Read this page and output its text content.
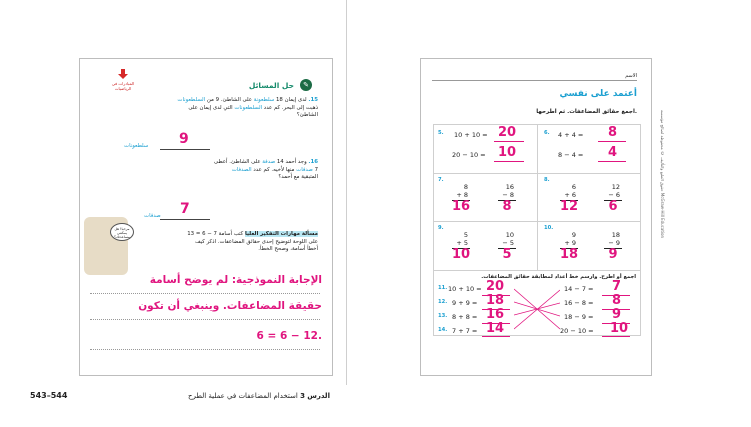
المبادرات في الرياضيات	✎
حل المسائل
15. لدى إيمان 18 سلطعونة على الشاطئ. 9 من السلطعونات
ذهبت إلى البحر. كم عدد السلطعونات التي لدى إيمان على
الشاطئ؟
9
سلطعونات
16. وجد أحمد 14 صدفة على الشاطئ. أعطى
7 صدفات منها لأخيه. كم عدد الصدفات
المتبقية مع أحمد؟
مرحبا! هل يمكنني مساعدتك؟
7
صدفات
مسألة مهارات التفكير العليا كتب أسامة 7 − 6 = 13
على اللوحة لتوضيح إحدى حقائق المضاعفات. اذكر كيف
أخطأ أسامة، وصحح الخطأ.
الإجابة النموذجية: لم يوضح أسامة
حقيقة المضاعفات. وينبغي أن تكون
.12 − 6 = 6
الاسم
أعتمد على نفسي
اجمع حقائق المضاعفات. ثم اطرحها.
5. 10 + 10 = 20
20 − 10 = 10
6. 4 + 4 = 8
8 − 4 = 4
7.
8
+ 8
16
16
− 8
8
8.
6
+ 6
12
12
− 6
6
9.
5
+ 5
10
10
− 5
5
10.
9
+ 9
18
18
− 9
9
اجمع أو اطرح. وارسم خط أعداد لمطابقة حقائق المضاعفات.
11. 10 + 10 = 20
12. 9 + 9 = 18
13. 8 + 8 = 16
14. 7 + 7 = 14
14 − 7 = 7
16 − 8 = 8
18 − 9 = 9
20 − 10 = 10
حقوق الطبع والتأليف © محفوظة لصالح مؤسسة McGraw-Hill Education
الدرس 3 استخدام المضاعفات في عملية الطرح
543–544
